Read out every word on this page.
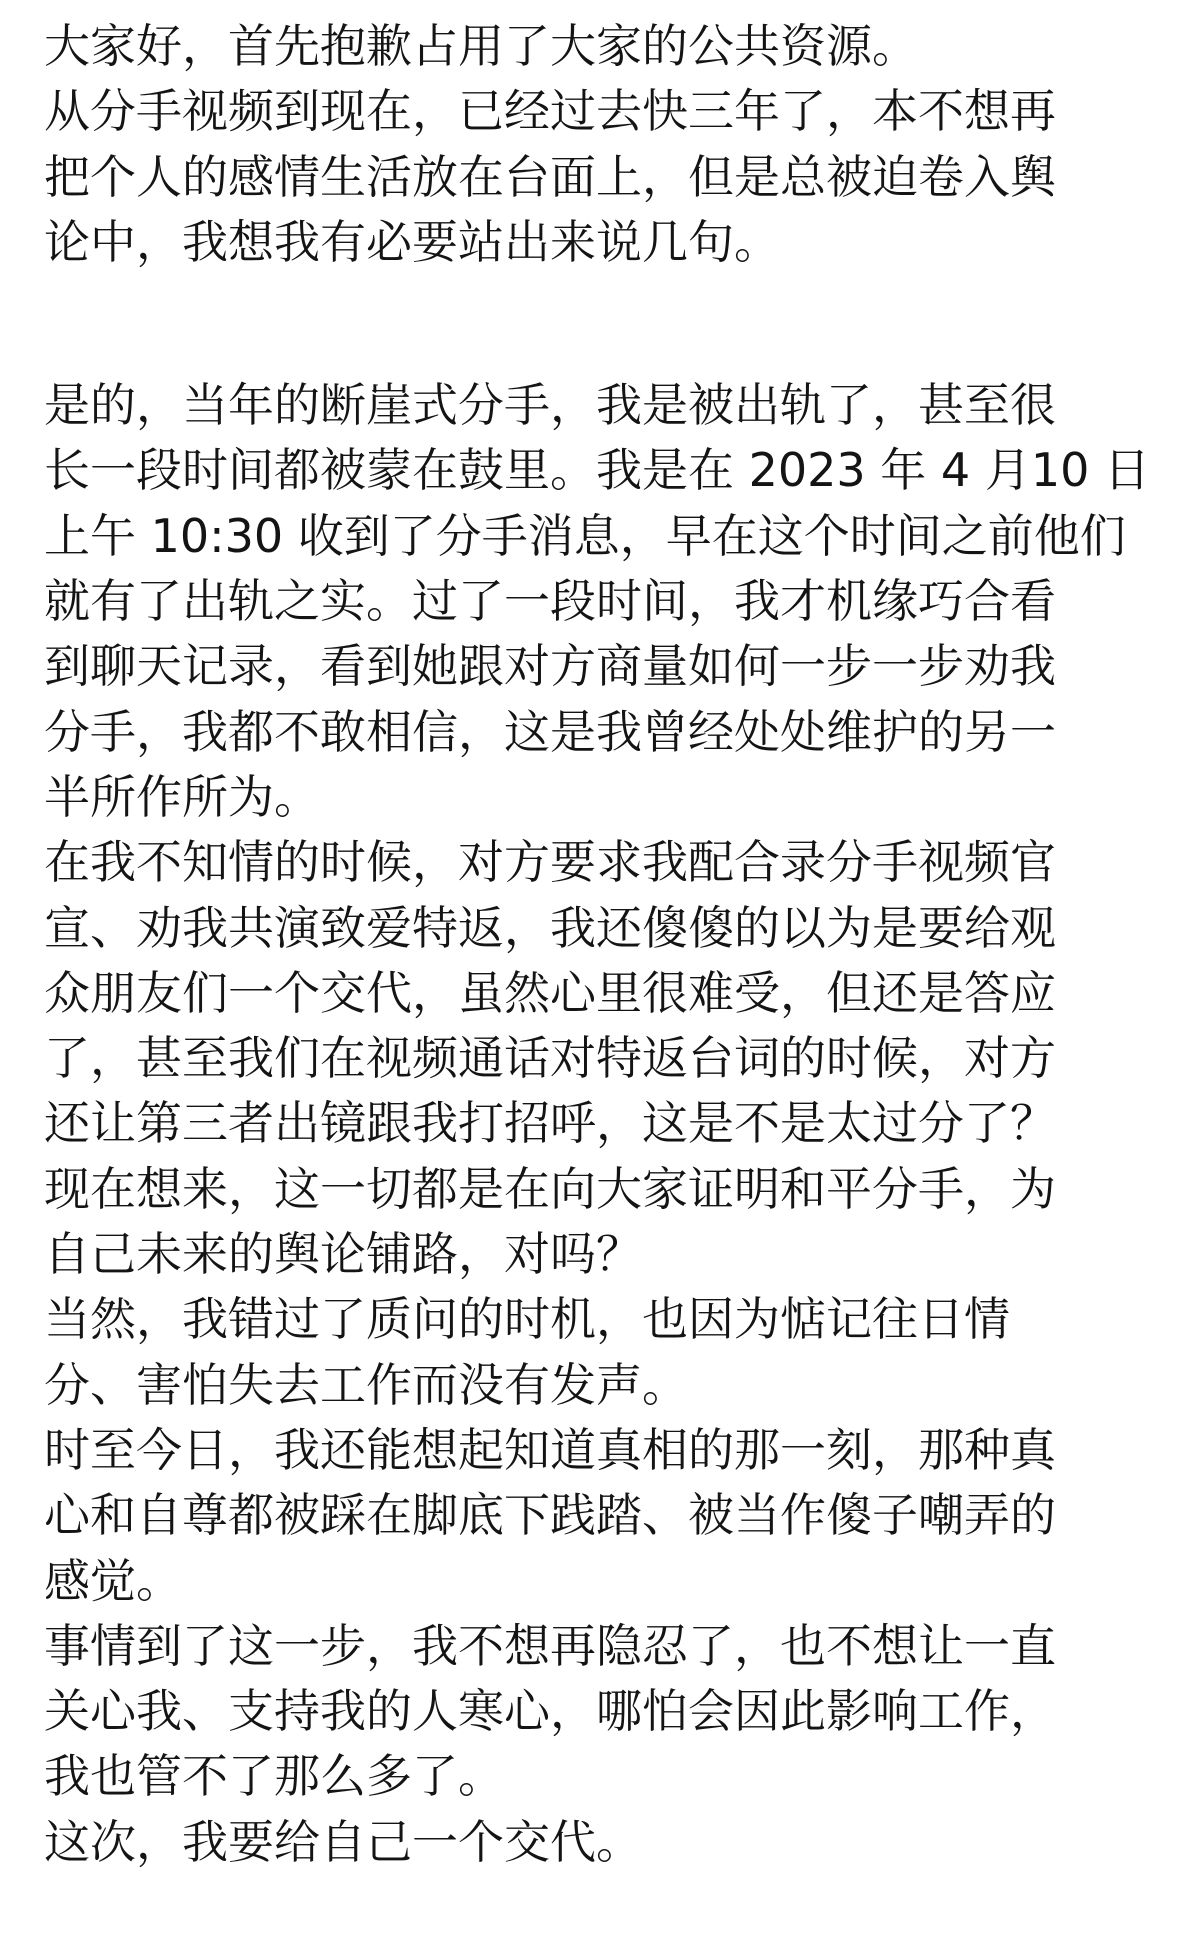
大家好，首先抱歉占用了大家的公共资源。
从分手视频到现在，已经过去快三年了，本不想再
把个人的感情生活放在台面上，但是总被迫卷入舆
论中，我想我有必要站出来说几句。
是的，当年的断崖式分手，我是被出轨了，甚至很
长一段时间都被蒙在鼓里。我是在 2023 年 4 月10 日
上午 10:30 收到了分手消息，早在这个时间之前他们
就有了出轨之实。过了一段时间，我才机缘巧合看
到聊天记录，看到她跟对方商量如何一步一步劝我
分手，我都不敢相信，这是我曾经处处维护的另一
半所作所为。
在我不知情的时候，对方要求我配合录分手视频官
宣、劝我共演致爱特返，我还傻傻的以为是要给观
众朋友们一个交代，虽然心里很难受，但还是答应
了，甚至我们在视频通话对特返台词的时候，对方
还让第三者出镜跟我打招呼，这是不是太过分了？
现在想来，这一切都是在向大家证明和平分手，为
自己未来的舆论铺路，对吗？
当然，我错过了质问的时机，也因为惦记往日情
分、害怕失去工作而没有发声。
时至今日，我还能想起知道真相的那一刻，那种真
心和自尊都被踩在脚底下践踏、被当作傻子嘲弄的
感觉。
事情到了这一步，我不想再隐忍了，也不想让一直
关心我、支持我的人寒心，哪怕会因此影响工作，
我也管不了那么多了。
这次，我要给自己一个交代。
